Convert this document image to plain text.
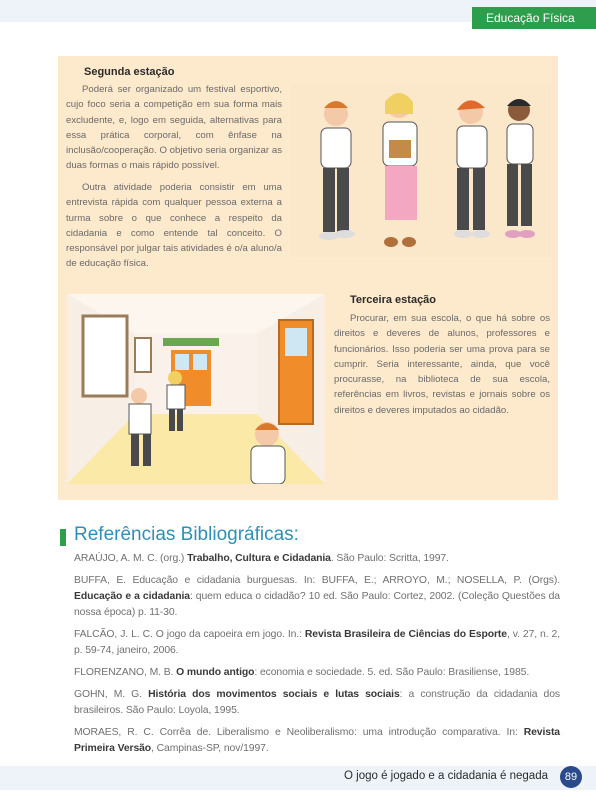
Educação Física
Segunda estação

Poderá ser organizado um festival esportivo, cujo foco seria a competição em sua forma mais excludente, e, logo em seguida, alternativas para essa prática corporal, com ênfase na inclusão/cooperação. O objetivo seria organizar as duas formas o mais rápido possível.

Outra atividade poderia consistir em uma entrevista rápida com qualquer pessoa externa a turma sobre o que conhece a respeito da cidadania e como entende tal conceito. O responsável por julgar tais atividades é o/a aluno/a de educação física.

Terceira estação

Procurar, em sua escola, o que há sobre os direitos e deveres de alunos, professores e funcionários. Isso poderia ser uma prova para se cumprir. Seria interessante, ainda, que você procurasse, na biblioteca de sua escola, referências em livros, revistas e jornais sobre os direitos e deveres imputados ao cidadão.

Referências Bibliográficas:

ARAÚJO, A. M. C. (org.) Trabalho, Cultura e Cidadania. São Paulo: Scritta, 1997.

BUFFA, E. Educação e cidadania burguesas. In: BUFFA, E.; ARROYO, M.; NOSELLA, P. (Orgs). Educação e a cidadania: quem educa o cidadão? 10 ed. São Paulo: Cortez, 2002. (Coleção Questões da nossa época) p. 11-30.

FALCÃO, J. L. C. O jogo da capoeira em jogo. In.: Revista Brasileira de Ciências do Esporte, v. 27, n. 2, p. 59-74, janeiro, 2006.

FLORENZANO, M. B. O mundo antigo: economia e sociedade. 5. ed. São Paulo: Brasiliense, 1985.

GOHN, M. G. História dos movimentos sociais e lutas sociais: a construção da cidadania dos brasileiros. São Paulo: Loyola, 1995.

MORAES, R. C. Corrêa de. Liberalismo e Neoliberalismo: uma introdução comparativa. In: Revista Primeira Versão, Campinas-SP, nov/1997.

O jogo é jogado e a cidadania é negada	89
